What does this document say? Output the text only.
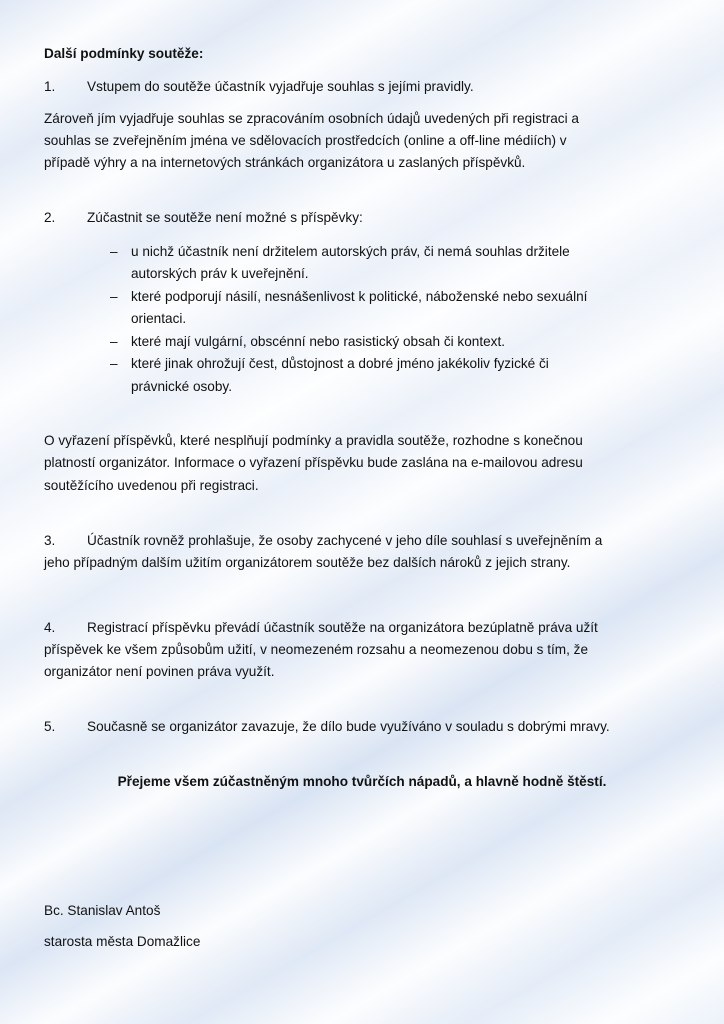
Další podmínky soutěže:
1. Vstupem do soutěže účastník vyjadřuje souhlas s jejími pravidly.
Zároveň jím vyjadřuje souhlas se zpracováním osobních údajů uvedených při registraci a
souhlas se zveřejněním jména ve sdělovacích prostředcích (online a off-line médiích) v
případě výhry a na internetových stránkách organizátora u zaslaných příspěvků.
2. Zúčastnit se soutěže není možné s příspěvky:
– u nichž účastník není držitelem autorských práv, či nemá souhlas držitele
autorských práv k uveřejnění.
– které podporují násilí, nesnášenlivost k politické, náboženské nebo sexuální
orientaci.
– které mají vulgární, obscénní nebo rasistický obsah či kontext.
– které jinak ohrožují čest, důstojnost a dobré jméno jakékoliv fyzické či
právnické osoby.
O vyřazení příspěvků, které nesplňují podmínky a pravidla soutěže, rozhodne s konečnou
platností organizátor. Informace o vyřazení příspěvku bude zaslána na e-mailovou adresu
soutěžícího uvedenou při registraci.
3. Účastník rovněž prohlašuje, že osoby zachycené v jeho díle souhlasí s uveřejněním a
jeho případným dalším užitím organizátorem soutěže bez dalších nároků z jejich strany.
4. Registrací příspěvku převádí účastník soutěže na organizátora bezúplatně práva užít
příspěvek ke všem způsobům užití, v neomezeném rozsahu a neomezenou dobu s tím, že
organizátor není povinen práva využít.
5. Současně se organizátor zavazuje, že dílo bude využíváno v souladu s dobrými mravy.
Přejeme všem zúčastněným mnoho tvůrčích nápadů, a hlavně hodně štěstí.
Bc. Stanislav Antoš
starosta města Domažlice
